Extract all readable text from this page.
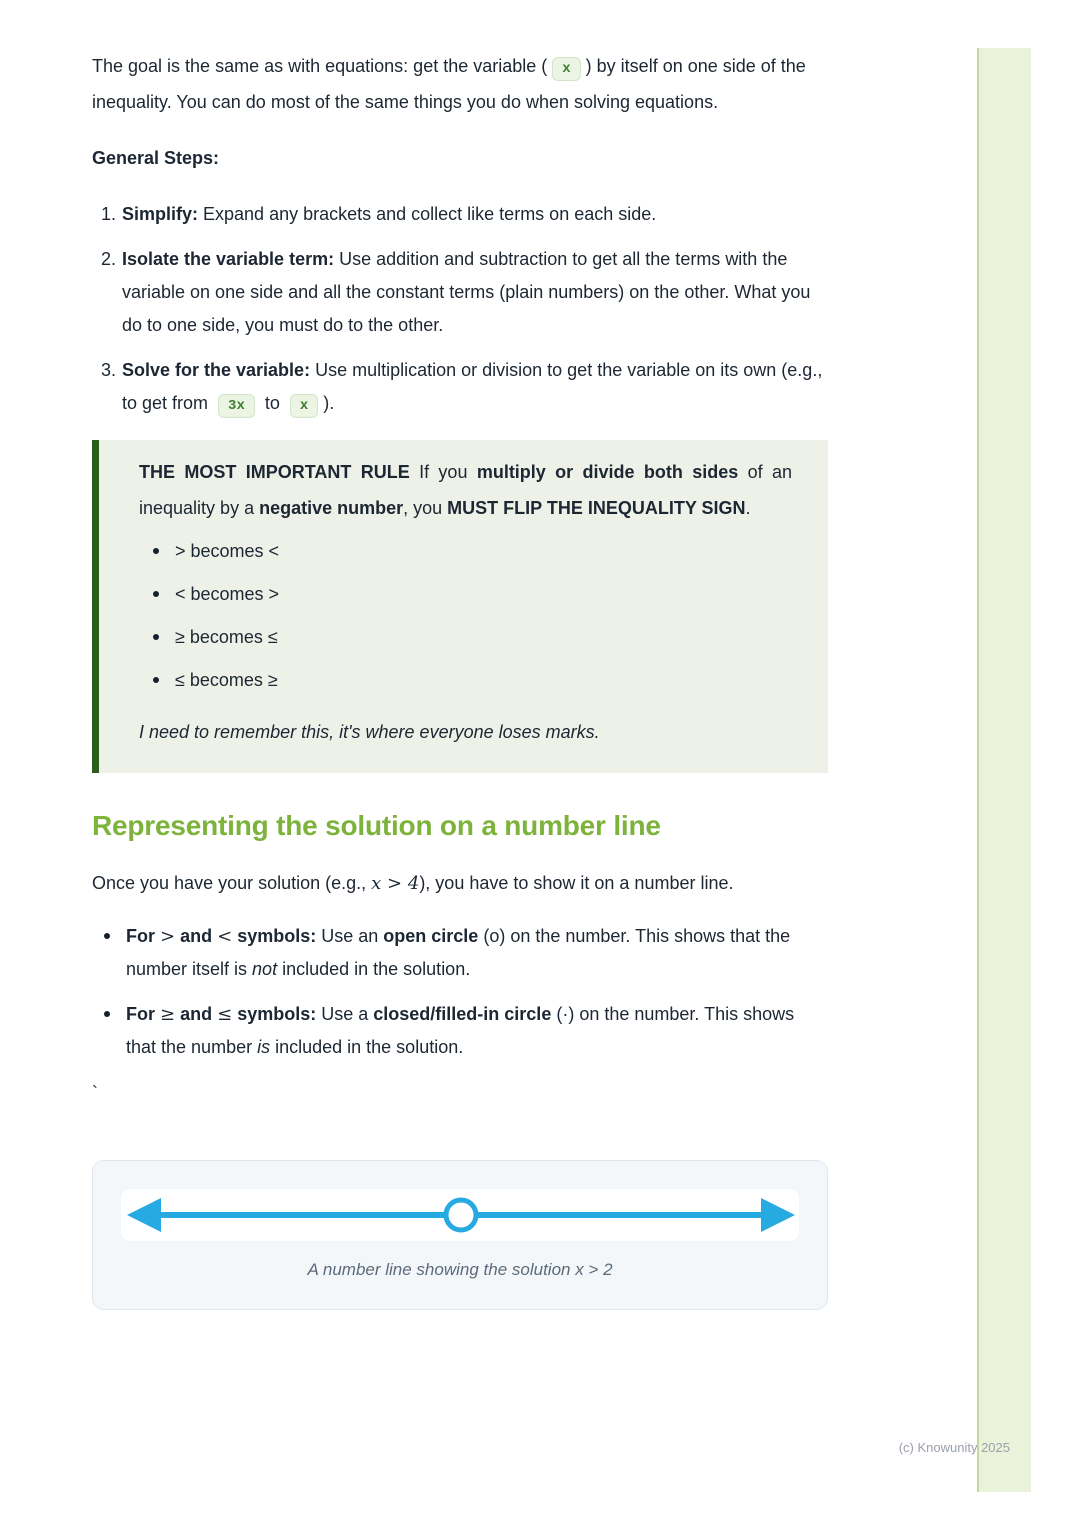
The goal is the same as with equations: get the variable ( x ) by itself on one side of the inequality. You can do most of the same things you do when solving equations.

General Steps:

1. Simplify: Expand any brackets and collect like terms on each side.
2. Isolate the variable term: Use addition and subtraction to get all the terms with the variable on one side and all the constant terms (plain numbers) on the other. What you do to one side, you must do to the other.
3. Solve for the variable: Use multiplication or division to get the variable on its own (e.g., to get from 3x to x ).

THE MOST IMPORTANT RULE If you multiply or divide both sides of an inequality by a negative number, you MUST FLIP THE INEQUALITY SIGN.

> becomes <
< becomes >
≥ becomes ≤
≤ becomes ≥

I need to remember this, it's where everyone loses marks.

Representing the solution on a number line

Once you have your solution (e.g., x > 4), you have to show it on a number line.

For > and < symbols: Use an open circle (o) on the number. This shows that the number itself is not included in the solution.
For ≥ and ≤ symbols: Use a closed/filled-in circle (·) on the number. This shows that the number is included in the solution.

`

A number line showing the solution x > 2
(c) Knowunity 2025
